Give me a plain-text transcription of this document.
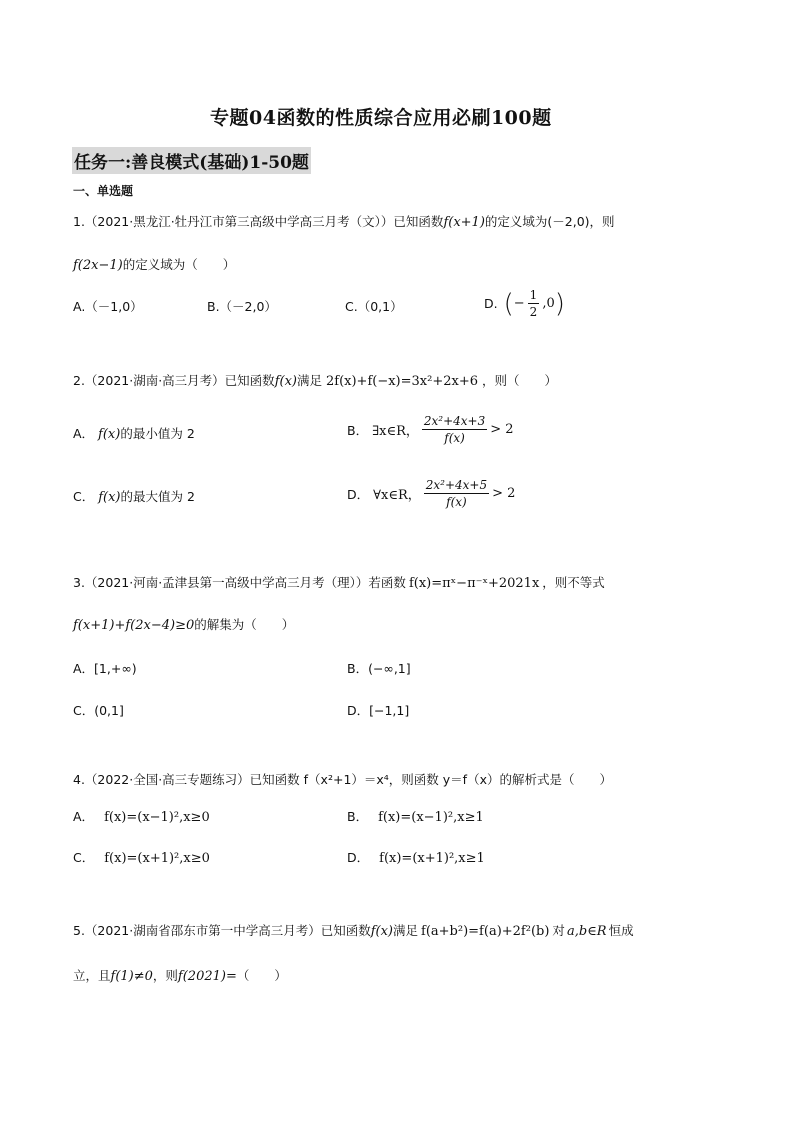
专题04函数的性质综合应用必刷100题
任务一:善良模式(基础)1-50题
一、单选题
1.（2021·黑龙江·牡丹江市第三高级中学高三月考（文））已知函数f(x+1)的定义域为(－2,0)，则
f(2x−1)的定义域为（　　）
A.（－1,0）	B.（－2,0）	C.（0,1）	D. ( − $\frac{1}{2} ,0$ )
2.（2021·湖南·高三月考）已知函数f(x)满足 2f(x)+f(−x)=3x²+2x+6 ，则（　　）
A． f(x)的最小值为 2	B． ∃x∈R， $\frac{\text{2x²+4x+3}}{f(x)} > 2$
C． f(x)的最大值为 2	D． ∀x∈R， $\frac{\text{2x²+4x+5}}{f(x)} > 2$
3.（2021·河南·孟津县第一高级中学高三月考（理））若函数 f(x)=πˣ−π⁻ˣ+2021x ，则不等式
f(x+1)+f(2x−4)≥0的解集为（　　）
A．[1,+∞)	B．(−∞,1]
C．(0,1]	D．[−1,1]
4.（2022·全国·高三专题练习）已知函数 f（x²+1）＝x⁴，则函数 y＝f（x）的解析式是（　　）
A． f(x)=(x−1)²,x≥0	B． f(x)=(x−1)²,x≥1
C． f(x)=(x+1)²,x≥0	D． f(x)=(x+1)²,x≥1
5.（2021·湖南省邵东市第一中学高三月考）已知函数f(x)满足 f(a+b²)=f(a)+2f²(b) 对 a,b∈R 恒成
立，且f(1)≠0，则f(2021)=（　　）
